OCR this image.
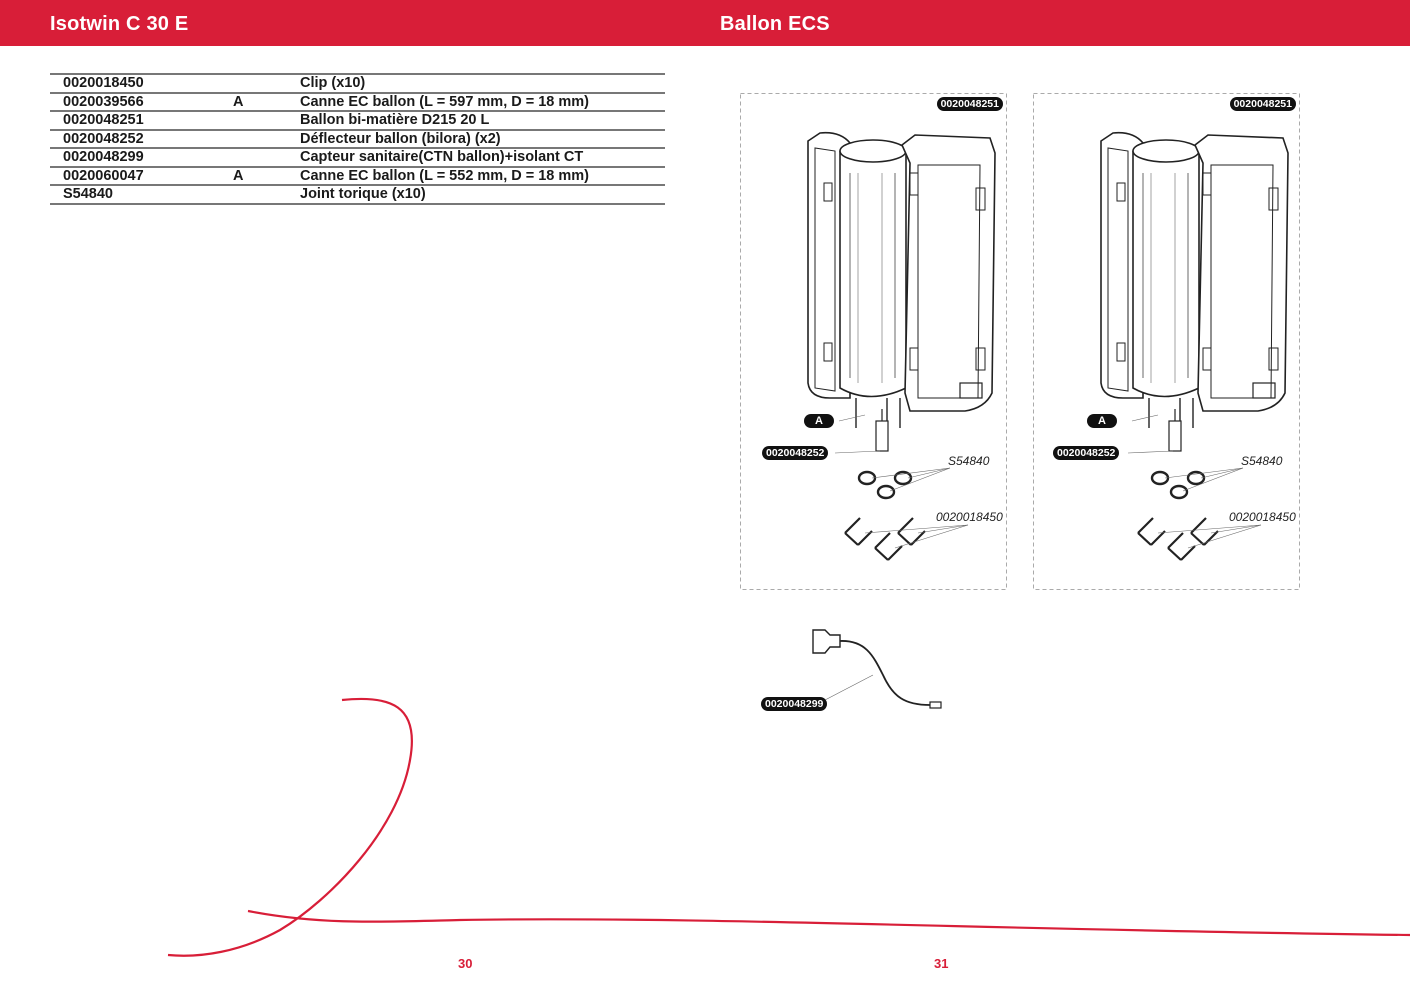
Isotwin C 30 E	Ballon ECS
0020018450		Clip (x10)
0020039566	A	Canne EC ballon (L = 597 mm, D = 18 mm)
0020048251		Ballon bi-matière D215 20 L
0020048252		Déflecteur ballon (bilora) (x2)
0020048299		Capteur sanitaire(CTN ballon)+isolant CT
0020060047	A	Canne EC ballon (L = 552 mm, D = 18 mm)
S54840		Joint torique (x10)
0020048251
A
0020048252
S54840
0020018450
0020048251
A
0020048252
S54840
0020018450
0020048299
30	31
